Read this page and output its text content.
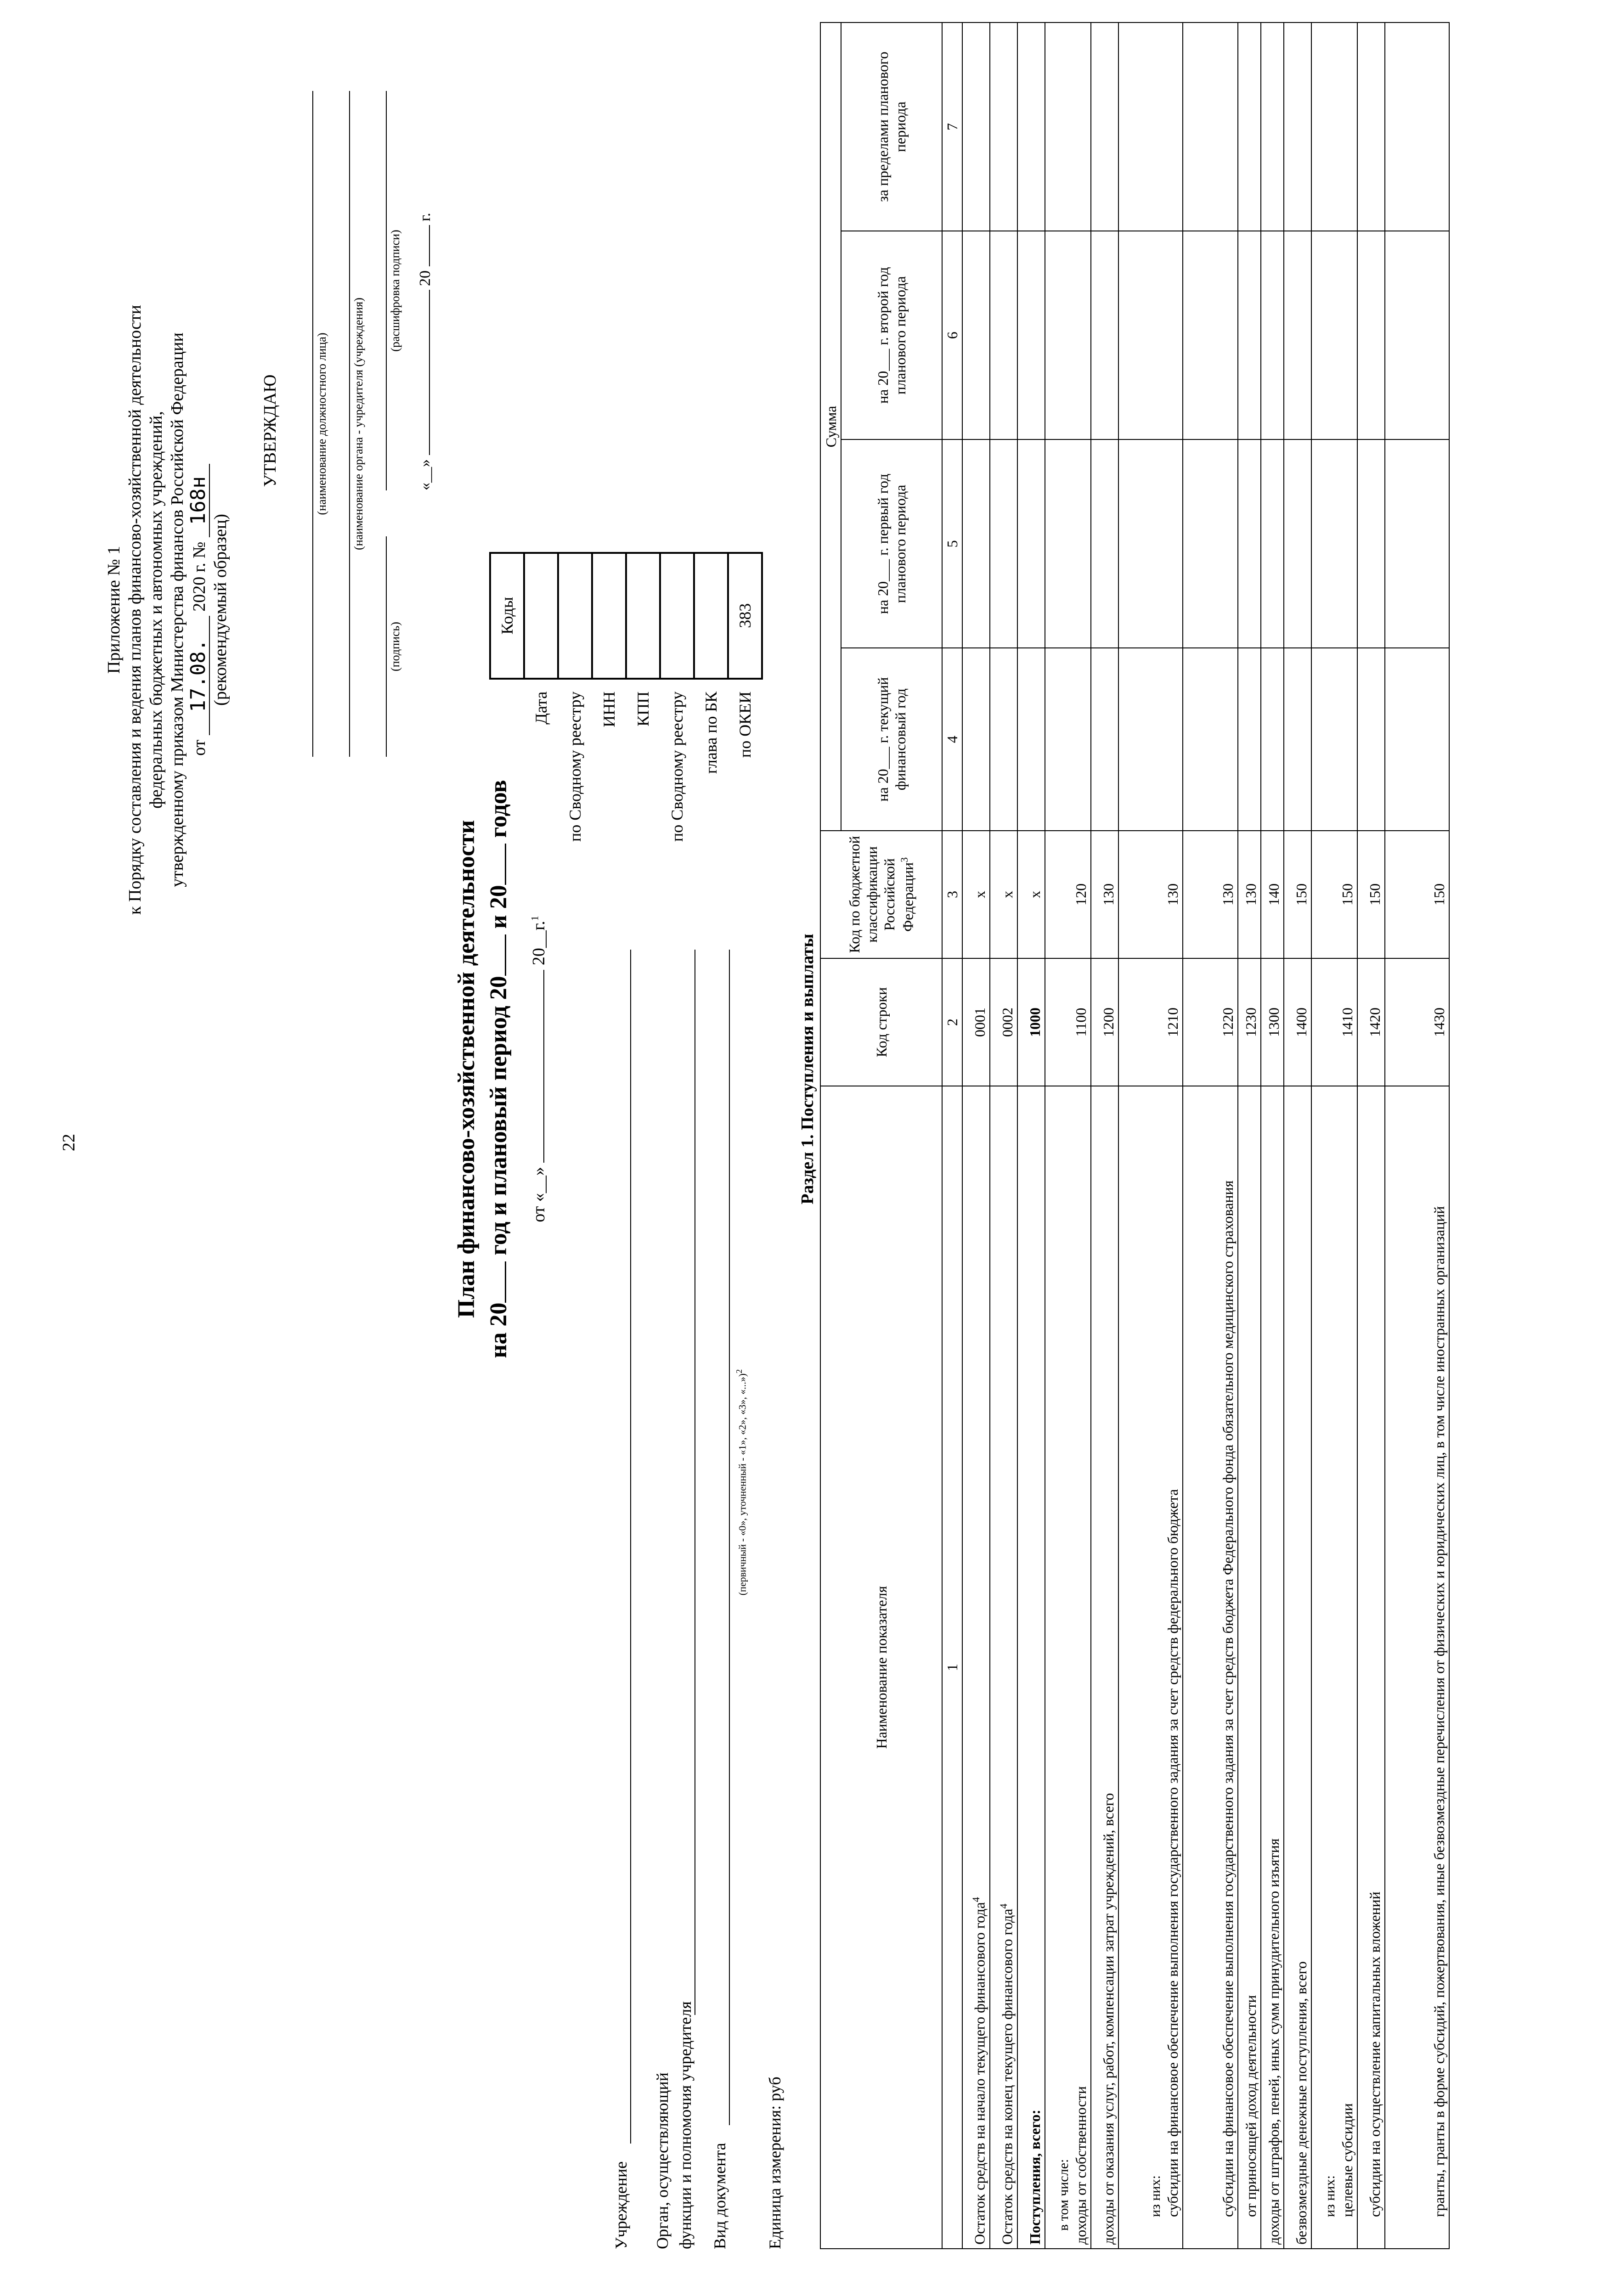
22
Приложение № 1 к Порядку составления и ведения планов финансово-хозяйственной деятельности федеральных бюджетных и автономных учреждений, утвержденному приказом Министерства финансов Российской Федерации от 17.08. 2020 г. № 168н
(рекомендуемый образец)
УТВЕРЖДАЮ	(наименование должностного лица) (наименование органа - учредителя (учреждения)
(подпись)
(расшифровка подписи)
«__»  20  г.
План финансово-хозяйственной деятельности
на 20 год и плановый период 20 и 20 годов
от «__»  20__г.$^1$
Учреждение Орган, осуществляющий функции и полномочия учредителя Вид документа
(первичный - «0», уточненный - «1», «2», «3», «...»)$^2$
Единица измерения: руб
	Коды
Дата	
по Сводному реестру	
ИНН	
КПП	
по Сводному реестру	
глава по БК	
по ОКЕИ	383
Раздел 1. Поступления и выплаты
Наименование показателя	Код строки	Код по бюджетной классификации Российской Федерации$^3$	Сумма			
			на 20___ г. текущий финансовый год	на 20___ г. первый год планового периода	на 20___ г. второй год планового периода	за пределами планового периода
1	2	3	4	5	6	7

Остаток средств на начало текущего финансового года$^4$	0001	x				

Остаток средств на конец текущего финансового года$^4$	0002	x				

Поступления, всего:	1000	x				

в том числе: доходы от собственности	1100	120				

доходы от оказания услуг, работ, компенсации затрат учреждений, всего	1200	130				

из них: субсидии на финансовое обеспечение выполнения государственного задания за счет средств федерального бюджета	1210	130				

субсидии на финансовое обеспечение выполнения государственного задания за счет средств бюджета Федерального фонда обязательного медицинского страхования	1220	130				

от приносящей доход деятельности	1230	130				

доходы от штрафов, пеней, иных сумм принудительного изъятия	1300	140				

безвозмездные денежные поступления, всего	1400	150				

из них: целевые субсидии	1410	150				

субсидии на осуществление капитальных вложений	1420	150				

гранты, гранты в форме субсидий, пожертвования, иные безвозмездные перечисления от физических и юридических лиц, в том числе иностранных организаций	1430	150				
